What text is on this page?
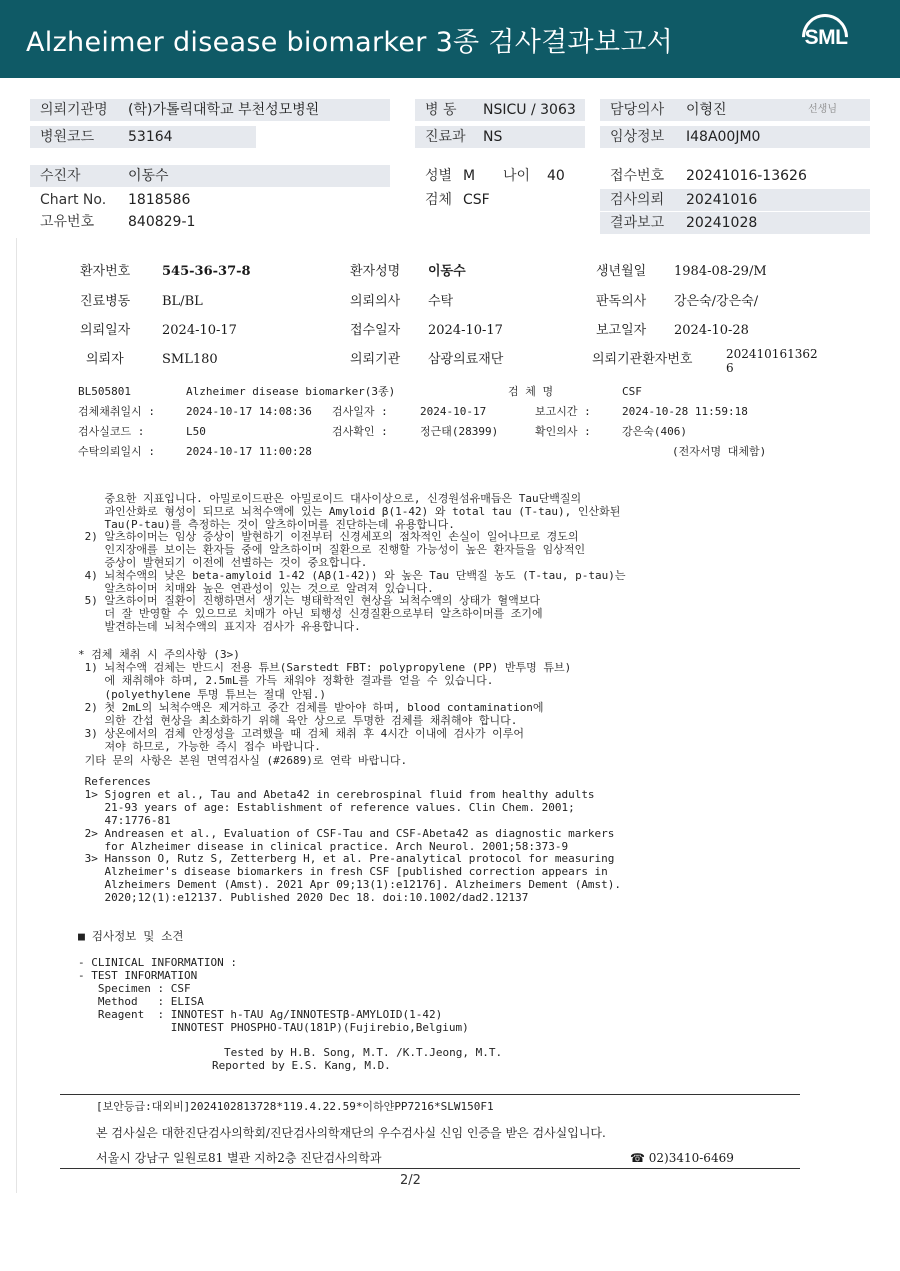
Alzheimer disease biomarker 3종 검사결과보고서	SML
의뢰기관명 (학)가톨릭대학교 부천성모병원
병원코드 53164
병 동 NSICU / 3063
진료과 NS
담당의사 이형진	선생님
임상정보 I48A00JM0
수진자	이동수
Chart No. 1818586
고유번호 840829-1
성별 M 나이 40
검체 CSF
접수번호 20241016-13626
검사의뢰 20241016
결과보고 20241028
환자번호 545-36-37-8	환자성명 이동수	생년월일 1984-08-29/M
진료병동 BL/BL	의뢰의사 수탁	판독의사 강은숙/강은숙/
의뢰일자 2024-10-17	접수일자 2024-10-17	보고일자 2024-10-28
의뢰자	SML180	의뢰기관 삼광의료재단	의뢰기관환자번호	202410161362
6
BL505801	Alzheimer disease biomarker(3종)	검 체 명	CSF
검체채취일시 :	2024-10-17 14:08:36 검사일자 :	2024-10-17	보고시간 :	2024-10-28 11:59:18
검사실코드 :	L50	검사확인 :	정근태(28399)	확인의사 :	강은숙(406)
수탁의뢰일시 :	2024-10-17 11:00:28	(전자서명 대체함)
중요한 지표입니다. 아밀로이드판은 아밀로이드 대사이상으로, 신경원섬유매듭은 Tau단백질의
과인산화로 형성이 되므로 뇌척수액에 있는 Amyloid β(1-42) 와 total tau (T-tau), 인산화된
Tau(P-tau)를 측정하는 것이 알츠하이머를 진단하는데 유용합니다.
2) 알츠하이머는 임상 증상이 발현하기 이전부터 신경세포의 점차적인 손실이 일어나므로 경도의
인지장애를 보이는 환자들 중에 알츠하이머 질환으로 진행할 가능성이 높은 환자들을 임상적인
증상이 발현되기 이전에 선별하는 것이 중요합니다.
4) 뇌척수액의 낮은 beta-amyloid 1-42 (Aβ(1-42)) 와 높은 Tau 단백질 농도 (T-tau, p-tau)는
알츠하이머 치매와 높은 연관성이 있는 것으로 알려져 있습니다.
5) 알츠하이머 질환이 진행하면서 생기는 병태학적인 현상을 뇌척수액의 상태가 혈액보다
더 잘 반영할 수 있으므로 치매가 아닌 퇴행성 신경질환으로부터 알츠하이머를 조기에
발견하는데 뇌척수액의 표지자 검사가 유용합니다.
* 검체 채취 시 주의사항 (3>)
1) 뇌척수액 검체는 반드시 전용 튜브(Sarstedt FBT: polypropylene (PP) 반투명 튜브)
에 채취해야 하며, 2.5mL를 가득 채워야 정확한 결과를 얻을 수 있습니다.
(polyethylene 투명 튜브는 절대 안됨.)
2) 첫 2mL의 뇌척수액은 제거하고 중간 검체를 받아야 하며, blood contamination에
의한 간섭 현상을 최소화하기 위해 육안 상으로 투명한 검체를 채취해야 합니다.
3) 상온에서의 검체 안정성을 고려했을 때 검체 채취 후 4시간 이내에 검사가 이루어
져야 하므로, 가능한 즉시 접수 바랍니다.
기타 문의 사항은 본원 면역검사실 (#2689)로 연락 바랍니다.
References
1> Sjogren et al., Tau and Abeta42 in cerebrospinal fluid from healthy adults
21-93 years of age: Establishment of reference values. Clin Chem. 2001;
47:1776-81
2> Andreasen et al., Evaluation of CSF-Tau and CSF-Abeta42 as diagnostic markers
for Alzheimer disease in clinical practice. Arch Neurol. 2001;58:373-9
3> Hansson O, Rutz S, Zetterberg H, et al. Pre-analytical protocol for measuring
Alzheimer's disease biomarkers in fresh CSF [published correction appears in
Alzheimers Dement (Amst). 2021 Apr 09;13(1):e12176]. Alzheimers Dement (Amst).
2020;12(1):e12137. Published 2020 Dec 18. doi:10.1002/dad2.12137
■ 검사정보 및 소견
- CLINICAL INFORMATION :
- TEST INFORMATION
Specimen : CSF
Method   : ELISA
Reagent  : INNOTEST h-TAU Ag/INNOTESTβ-AMYLOID(1-42)
INNOTEST PHOSPHO-TAU(181P)(Fujirebio,Belgium)
Tested by H.B. Song, M.T. /K.T.Jeong, M.T.
Reported by E.S. Kang, M.D.
[보안등급:대외비]2024102813728*119.4.22.59*이하얀PP7216*SLW150F1
본 검사실은 대한진단검사의학회/진단검사의학재단의 우수검사실 신임 인증을 받은 검사실입니다.
서울시 강남구 일원로81 별관 지하2층 진단검사의학과	☎ 02)3410-6469
2/2
